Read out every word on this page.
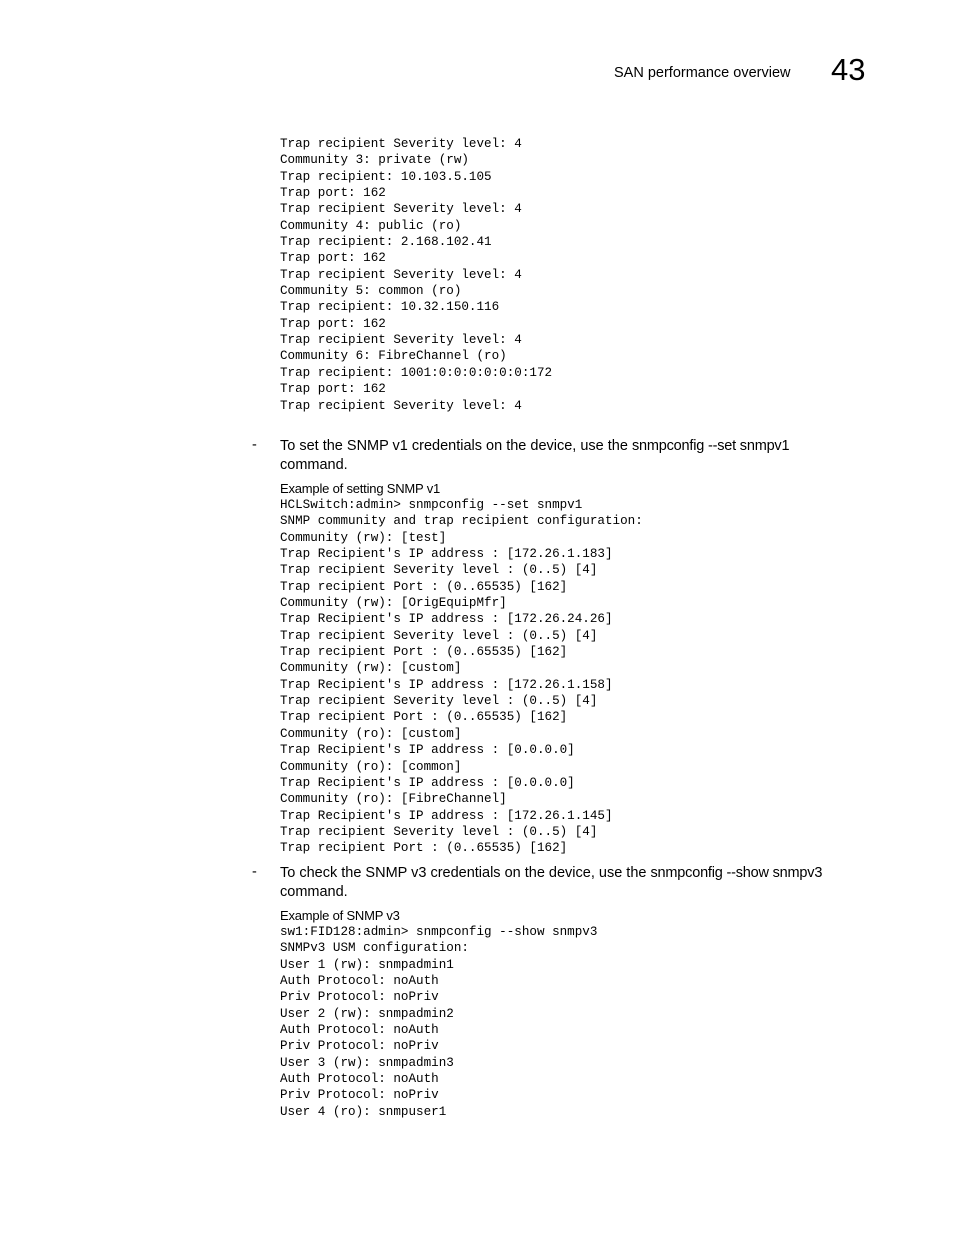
SAN performance overview 43
Trap recipient Severity level: 4
Community 3: private (rw)
Trap recipient: 10.103.5.105
Trap port: 162
Trap recipient Severity level: 4
Community 4: public (ro)
Trap recipient: 2.168.102.41
Trap port: 162
Trap recipient Severity level: 4
Community 5: common (ro)
Trap recipient: 10.32.150.116
Trap port: 162
Trap recipient Severity level: 4
Community 6: FibreChannel (ro)
Trap recipient: 1001:0:0:0:0:0:0:172
Trap port: 162
Trap recipient Severity level: 4
- To set the SNMP v1 credentials on the device, use the snmpconfig --set snmpv1 command.
Example of setting SNMP v1
HCLSwitch:admin> snmpconfig --set snmpv1
SNMP community and trap recipient configuration:
Community (rw): [test]
Trap Recipient's IP address : [172.26.1.183]
Trap recipient Severity level : (0..5) [4]
Trap recipient Port : (0..65535) [162]
Community (rw): [OrigEquipMfr]
Trap Recipient's IP address : [172.26.24.26]
Trap recipient Severity level : (0..5) [4]
Trap recipient Port : (0..65535) [162]
Community (rw): [custom]
Trap Recipient's IP address : [172.26.1.158]
Trap recipient Severity level : (0..5) [4]
Trap recipient Port : (0..65535) [162]
Community (ro): [custom]
Trap Recipient's IP address : [0.0.0.0]
Community (ro): [common]
Trap Recipient's IP address : [0.0.0.0]
Community (ro): [FibreChannel]
Trap Recipient's IP address : [172.26.1.145]
Trap recipient Severity level : (0..5) [4]
Trap recipient Port : (0..65535) [162]
- To check the SNMP v3 credentials on the device, use the snmpconfig --show snmpv3 command.
Example of SNMP v3
sw1:FID128:admin> snmpconfig --show snmpv3
SNMPv3 USM configuration:
User 1 (rw): snmpadmin1
Auth Protocol: noAuth
Priv Protocol: noPriv
User 2 (rw): snmpadmin2
Auth Protocol: noAuth
Priv Protocol: noPriv
User 3 (rw): snmpadmin3
Auth Protocol: noAuth
Priv Protocol: noPriv
User 4 (ro): snmpuser1
